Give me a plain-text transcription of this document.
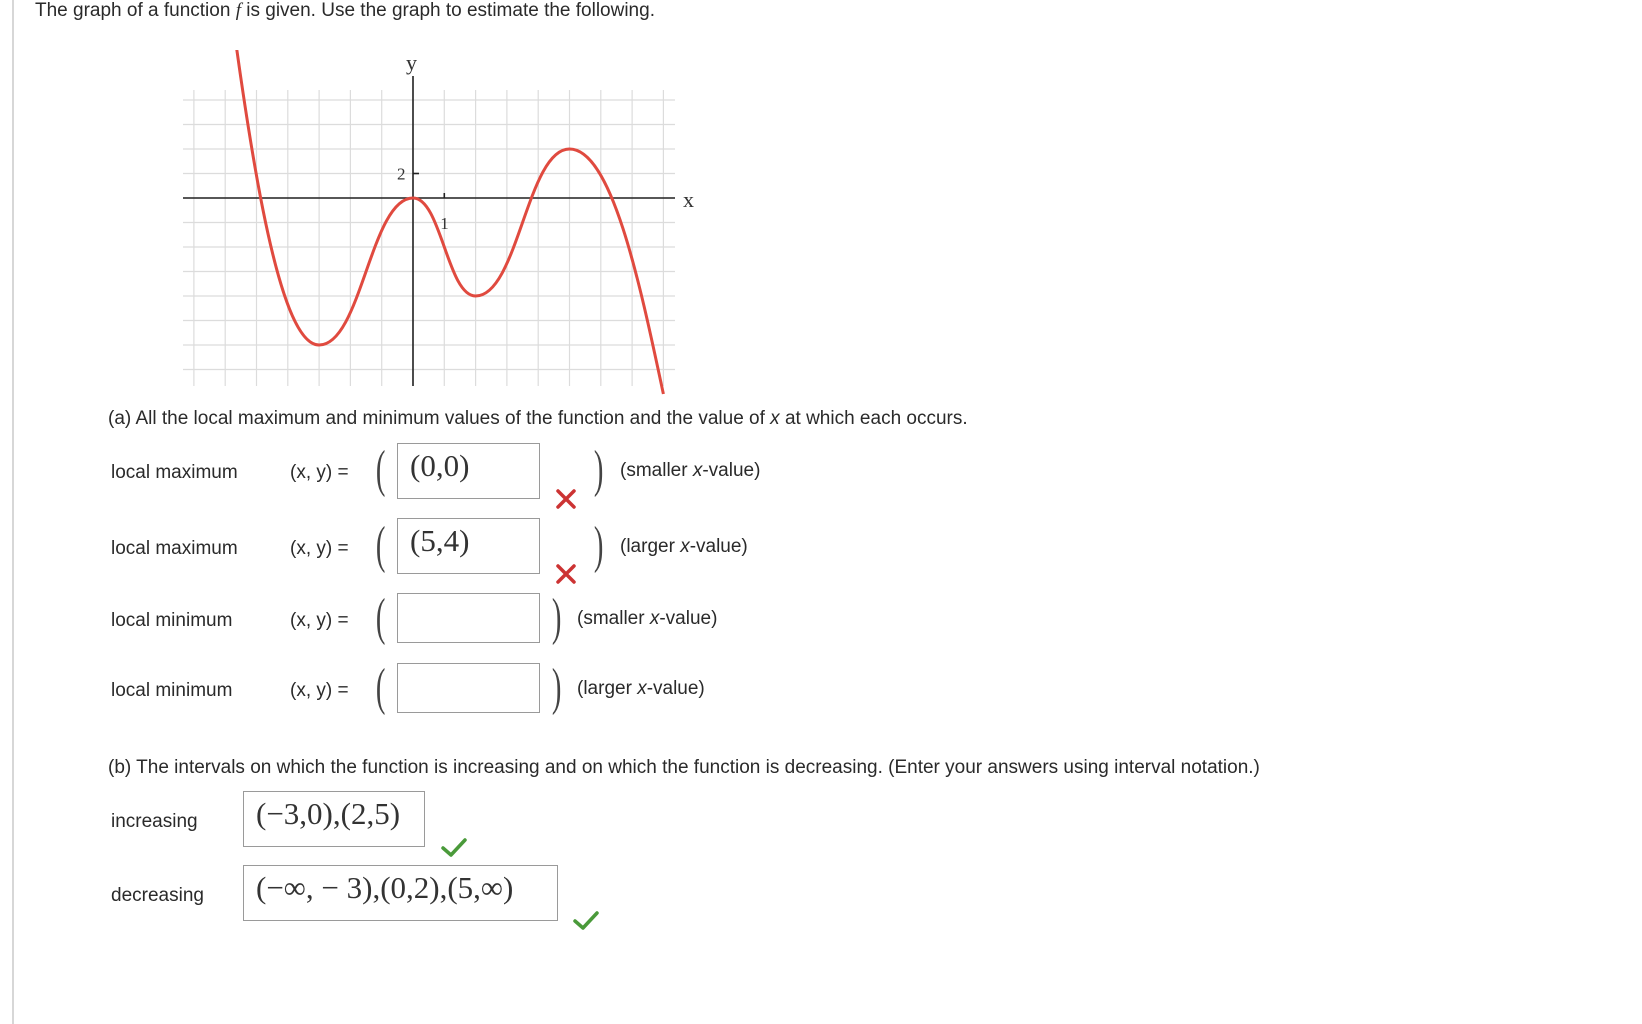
The graph of a function f is given. Use the graph to estimate the following.
y
x
2
1
(a) All the local maximum and minimum values of the function and the value of x at which each occurs.
local maximum	(x, y) = ( (0,0)	) (smaller x-value)
local maximum	(x, y) = ( (5,4)	) (larger x-value)
local minimum	(x, y) = (	) (smaller x-value)
local minimum	(x, y) = (	) (larger x-value)
(b) The intervals on which the function is increasing and on which the function is decreasing. (Enter your answers using interval notation.)
increasing	(−3,0),(2,5)
decreasing	(−∞, − 3),(0,2),(5,∞)
